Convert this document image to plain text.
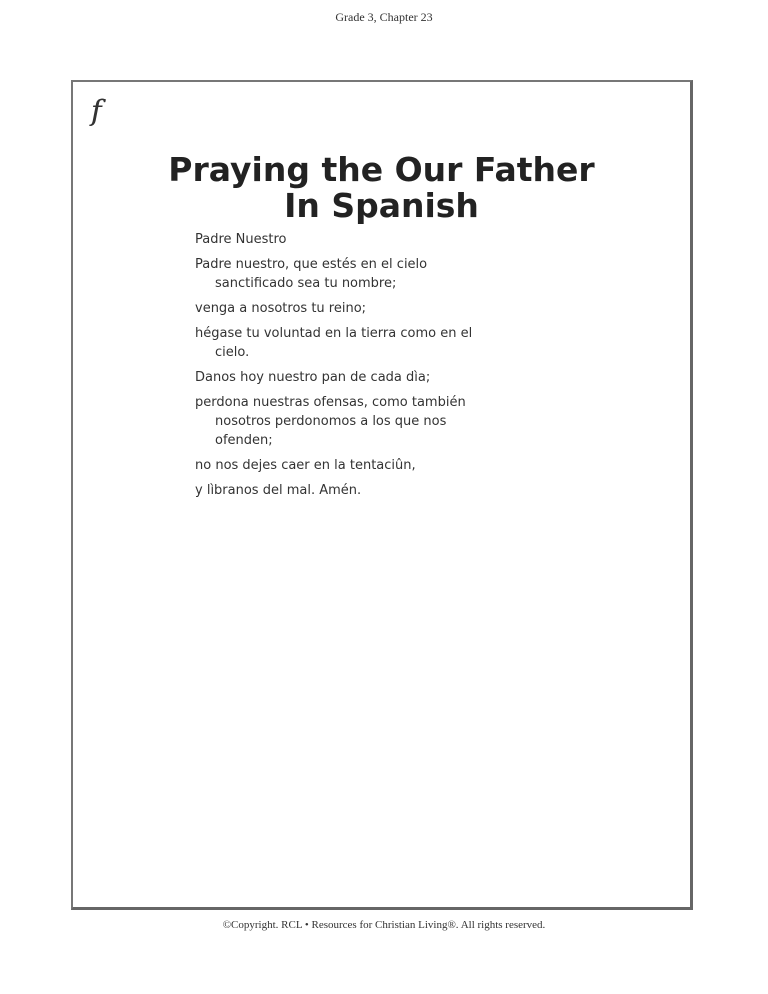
Grade 3, Chapter 23
ff
Praying the Our Father
In Spanish
Padre Nuestro
Padre nuestro, que estés en el cielo sanctificado sea tu nombre;
venga a nosotros tu reino;
hégase tu voluntad en la tierra como en el cielo.
Danos hoy nuestro pan de cada dìa;
perdona nuestras ofensas, como también nosotros perdonomos a los que nos ofenden;
no nos dejes caer en la tentaciûn,
y lìbranos del mal. Amén.
©Copyright. RCL • Resources for Christian Living®. All rights reserved.
